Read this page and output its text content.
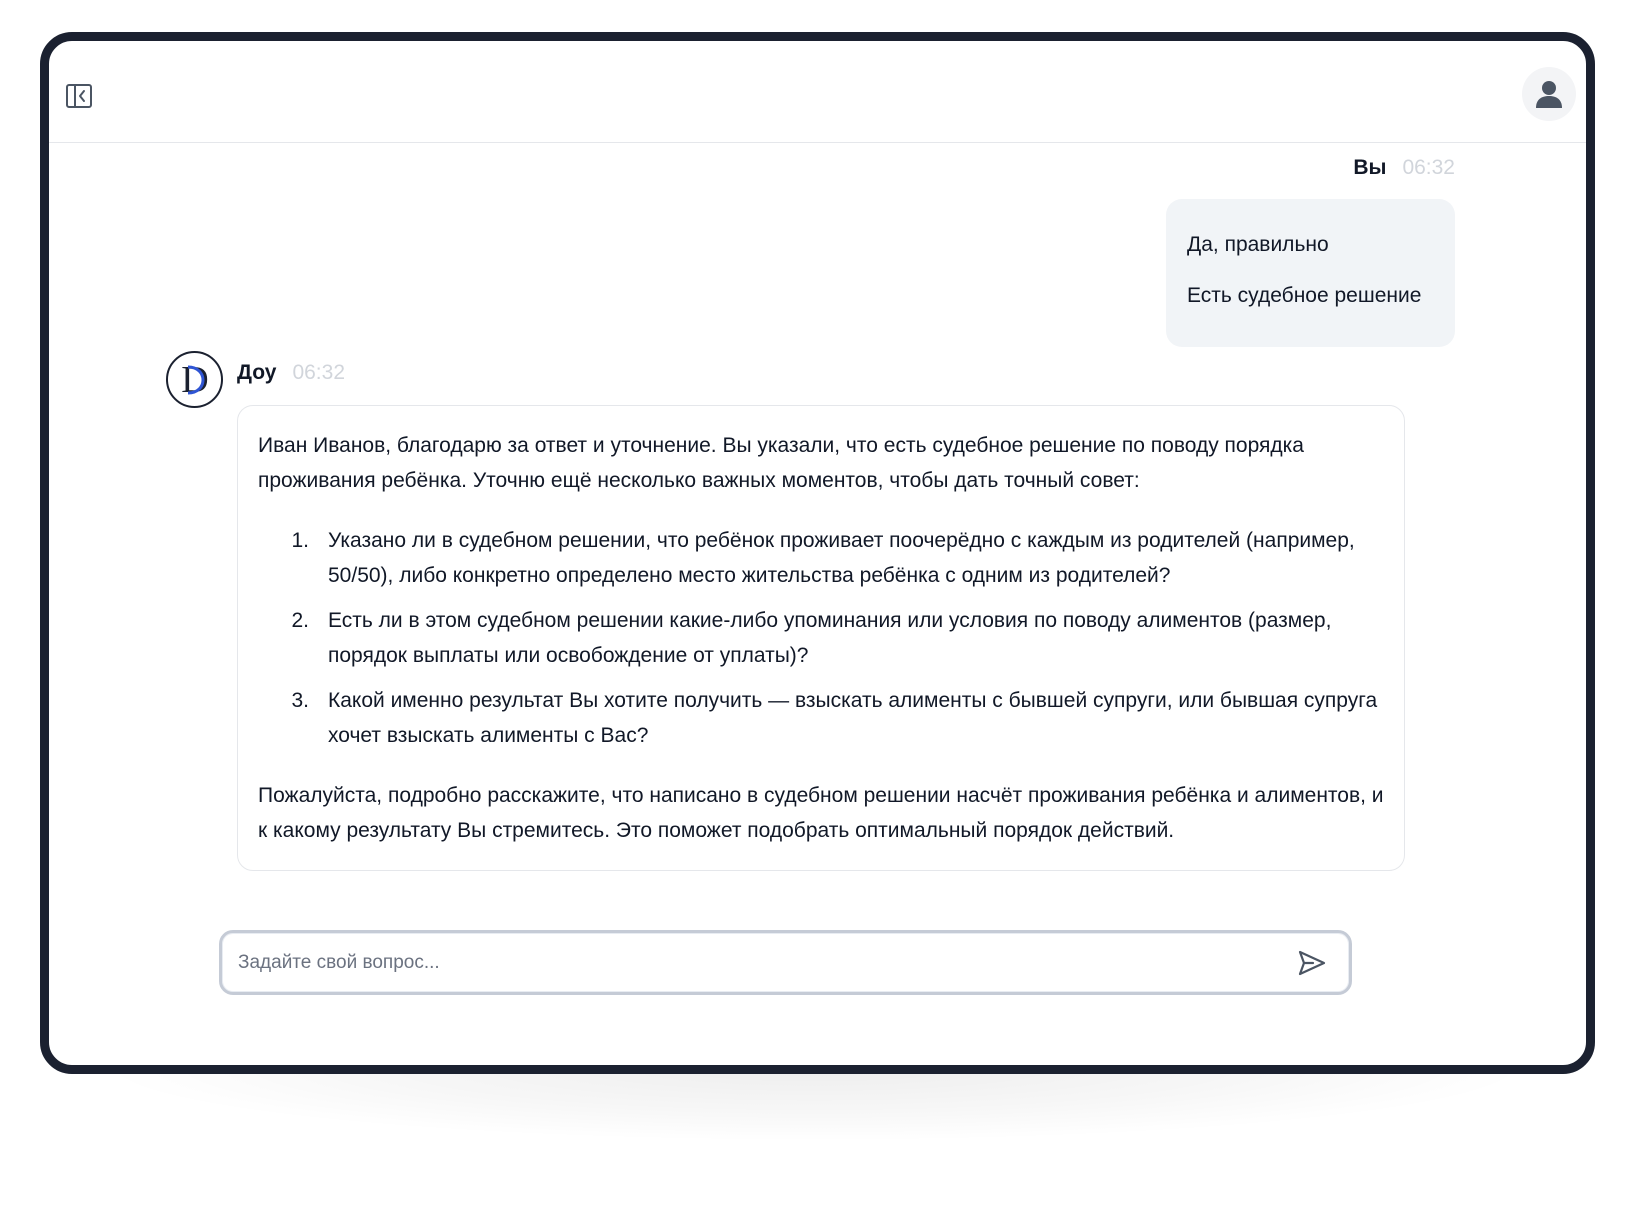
Вы 06:32

Да, правильно

Есть судебное решение

D Доу 06:32
Иван Иванов, благодарю за ответ и уточнение. Вы указали, что есть судебное решение по поводу порядка проживания ребёнка. Уточню ещё несколько важных моментов, чтобы дать точный совет:
1. Указано ли в судебном решении, что ребёнок проживает поочерёдно с каждым из родителей (например, 50/50), либо конкретно определено место жительства ребёнка с одним из родителей?
2. Есть ли в этом судебном решении какие-либо упоминания или условия по поводу алиментов (размер, порядок выплаты или освобождение от уплаты)?
3. Какой именно результат Вы хотите получить — взыскать алименты с бывшей супруги, или бывшая супруга хочет взыскать алименты с Вас?
Пожалуйста, подробно расскажите, что написано в судебном решении насчёт проживания ребёнка и алиментов, и к какому результату Вы стремитесь. Это поможет подобрать оптимальный порядок действий.
Задайте свой вопрос...
